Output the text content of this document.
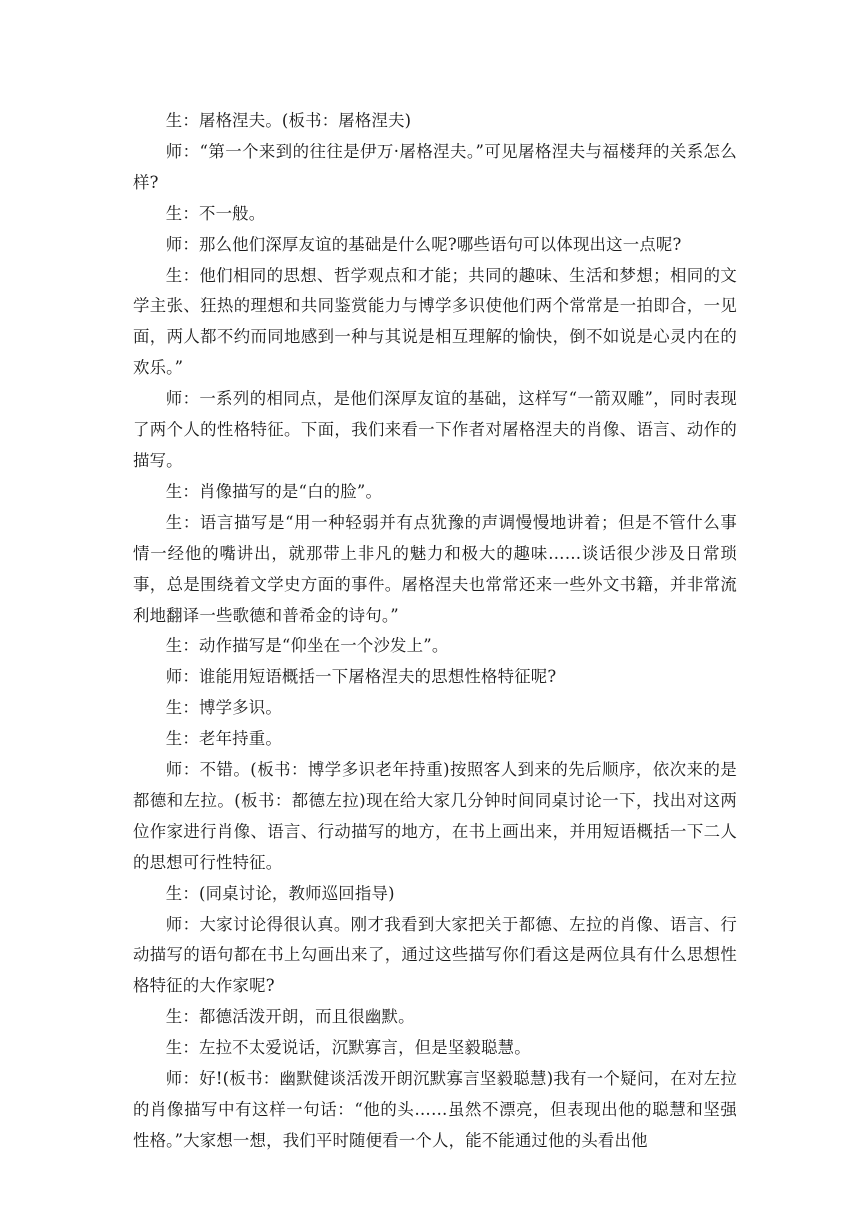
生：屠格涅夫。(板书：屠格涅夫)

师：“第一个来到的往往是伊万·屠格涅夫。”可见屠格涅夫与福楼拜的关系怎么样?

生：不一般。

师：那么他们深厚友谊的基础是什么呢?哪些语句可以体现出这一点呢?

生：他们相同的思想、哲学观点和才能；共同的趣味、生活和梦想；相同的文学主张、狂热的理想和共同鉴赏能力与博学多识使他们两个常常是一拍即合，一见面，两人都不约而同地感到一种与其说是相互理解的愉快，倒不如说是心灵内在的欢乐。”

师：一系列的相同点，是他们深厚友谊的基础，这样写“一箭双雕”，同时表现了两个人的性格特征。下面，我们来看一下作者对屠格涅夫的肖像、语言、动作的描写。

生：肖像描写的是“白的脸”。

生：语言描写是“用一种轻弱并有点犹豫的声调慢慢地讲着；但是不管什么事情一经他的嘴讲出，就那带上非凡的魅力和极大的趣味……谈话很少涉及日常琐事，总是围绕着文学史方面的事件。屠格涅夫也常常还来一些外文书籍，并非常流利地翻译一些歌德和普希金的诗句。”

生：动作描写是“仰坐在一个沙发上”。

师：谁能用短语概括一下屠格涅夫的思想性格特征呢?

生：博学多识。

生：老年持重。

师：不错。(板书：博学多识老年持重)按照客人到来的先后顺序，依次来的是都德和左拉。(板书：都德左拉)现在给大家几分钟时间同桌讨论一下，找出对这两位作家进行肖像、语言、行动描写的地方，在书上画出来，并用短语概括一下二人的思想可行性特征。

生：(同桌讨论，教师巡回指导)

师：大家讨论得很认真。刚才我看到大家把关于都德、左拉的肖像、语言、行动描写的语句都在书上勾画出来了，通过这些描写你们看这是两位具有什么思想性格特征的大作家呢?

生：都德活泼开朗，而且很幽默。

生：左拉不太爱说话，沉默寡言，但是坚毅聪慧。

师：好!(板书：幽默健谈活泼开朗沉默寡言坚毅聪慧)我有一个疑问，在对左拉的肖像描写中有这样一句话：“他的头……虽然不漂亮，但表现出他的聪慧和坚强性格。”大家想一想，我们平时随便看一个人，能不能通过他的头看出他
